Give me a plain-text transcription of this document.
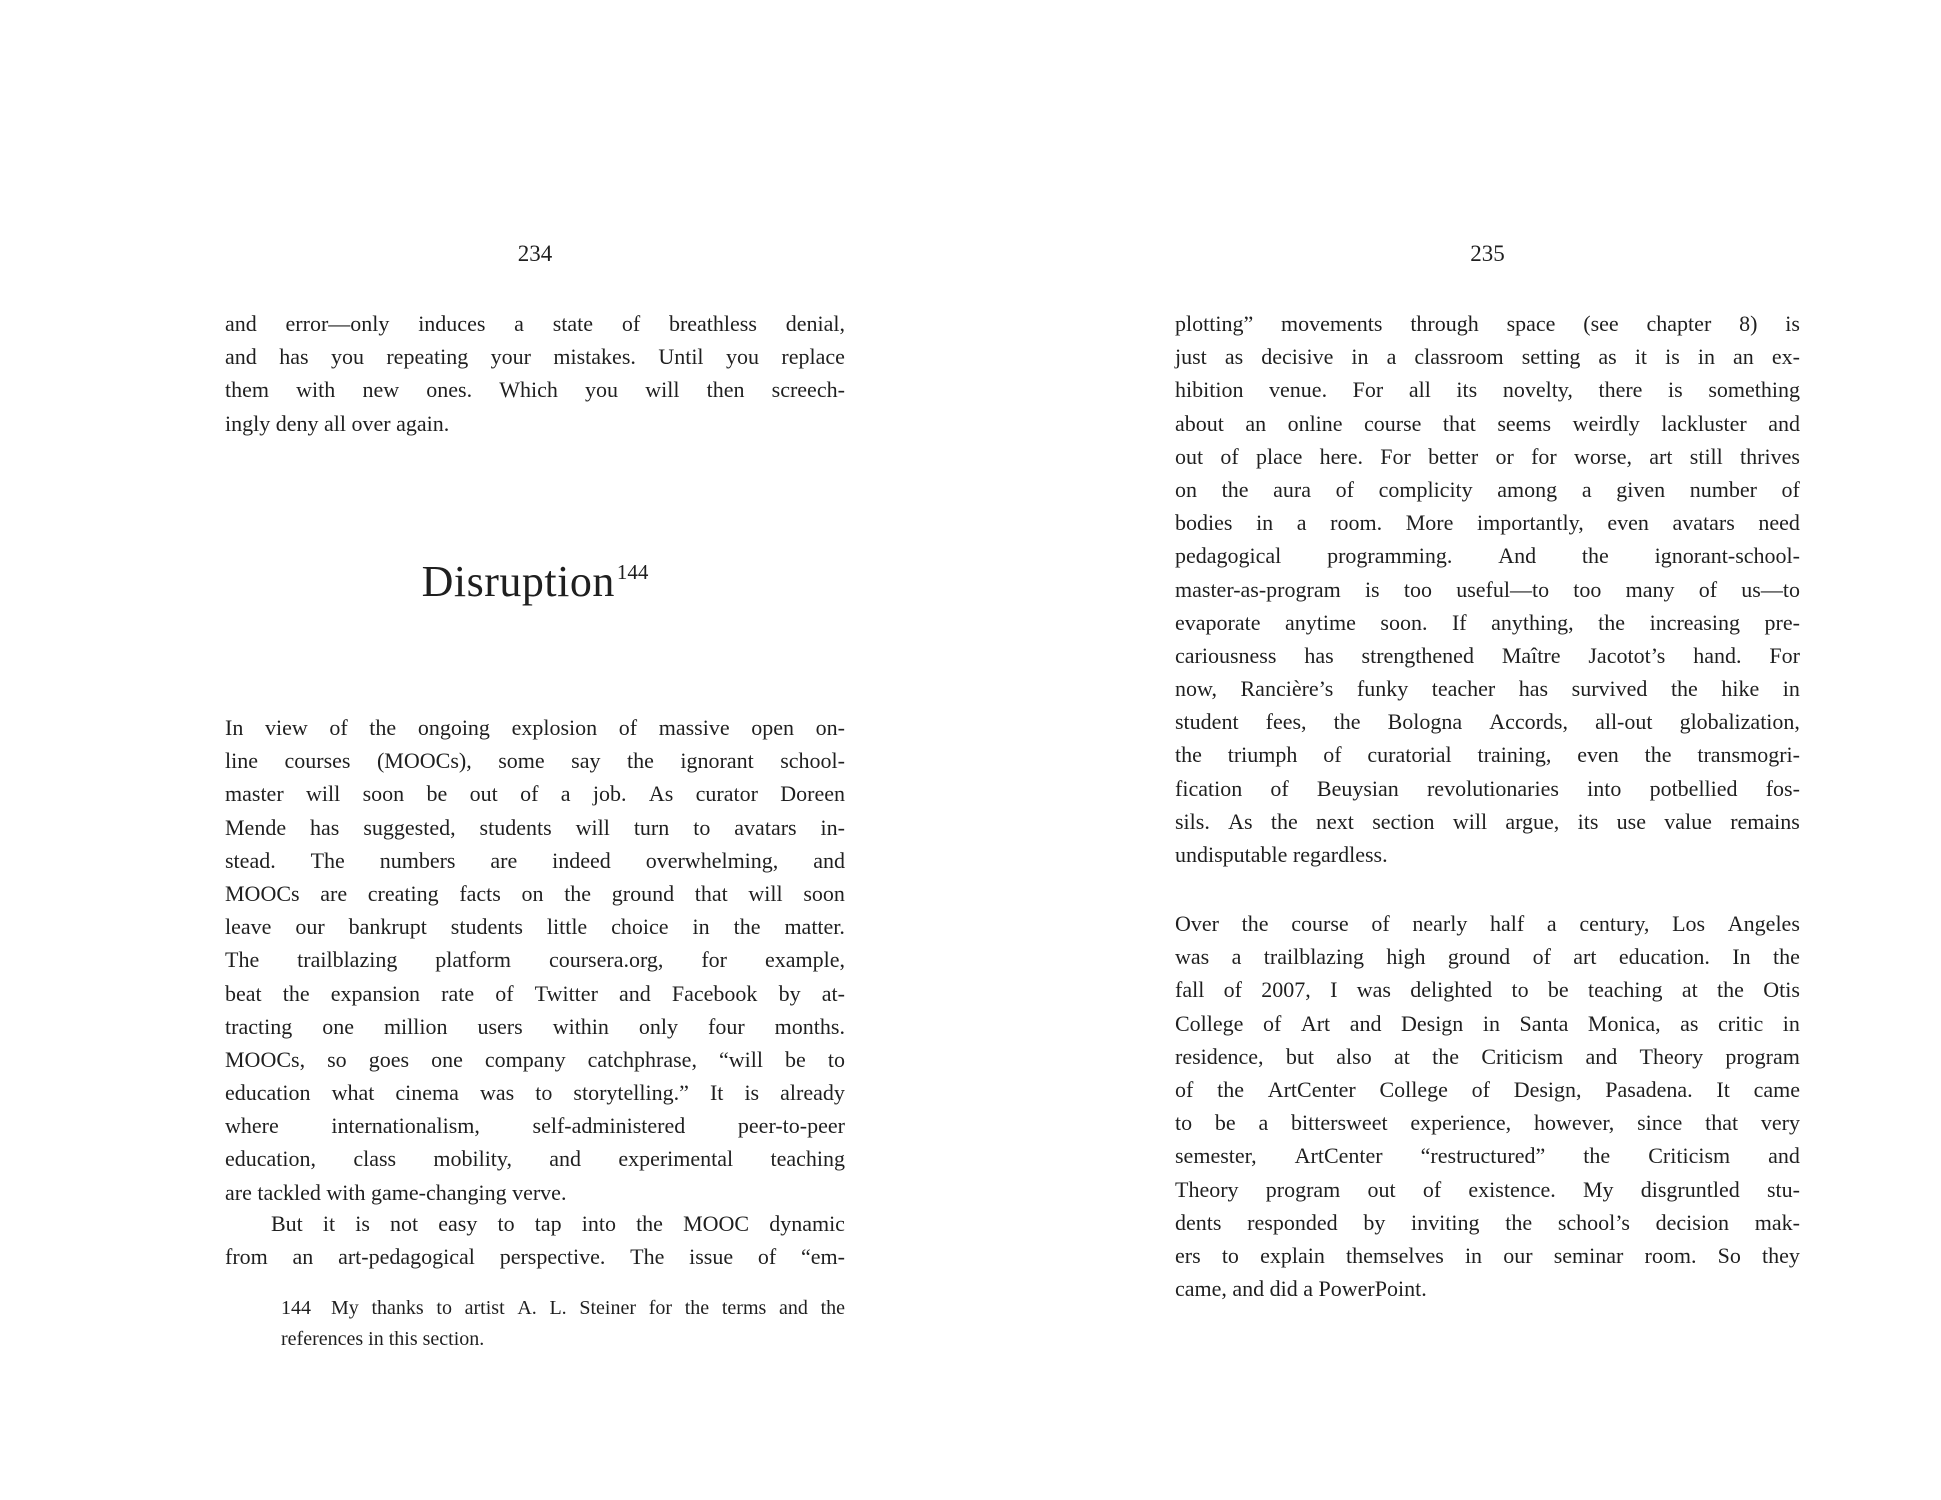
234
and error—only induces a state of breathless denial,
and has you repeating your mistakes. Until you replace
them with new ones. Which you will then screech-
ingly deny all over again.
Disruption$^{144}$
In view of the ongoing explosion of massive open on-
line courses (MOOCs), some say the ignorant school-
master will soon be out of a job. As curator Doreen
Mende has suggested, students will turn to avatars in-
stead. The numbers are indeed overwhelming, and
MOOCs are creating facts on the ground that will soon
leave our bankrupt students little choice in the matter.
The trailblazing platform coursera.org, for example,
beat the expansion rate of Twitter and Facebook by at-
tracting one million users within only four months.
MOOCs, so goes one company catchphrase, “will be to
education what cinema was to storytelling.” It is already
where internationalism, self-administered peer-to-peer
education, class mobility, and experimental teaching
are tackled with game-changing verve.
But it is not easy to tap into the MOOC dynamic
from an art-pedagogical perspective. The issue of “em-
144 My thanks to artist A. L. Steiner for the terms and the
references in this section.
235
plotting” movements through space (see chapter 8) is
just as decisive in a classroom setting as it is in an ex-
hibition venue. For all its novelty, there is something
about an online course that seems weirdly lackluster and
out of place here. For better or for worse, art still thrives
on the aura of complicity among a given number of
bodies in a room. More importantly, even avatars need
pedagogical programming. And the ignorant-school-
master-as-program is too useful—to too many of us—to
evaporate anytime soon. If anything, the increasing pre-
cariousness has strengthened Maître Jacotot’s hand. For
now, Rancière’s funky teacher has survived the hike in
student fees, the Bologna Accords, all-out globalization,
the triumph of curatorial training, even the transmogri-
fication of Beuysian revolutionaries into potbellied fos-
sils. As the next section will argue, its use value remains
undisputable regardless.
Over the course of nearly half a century, Los Angeles
was a trailblazing high ground of art education. In the
fall of 2007, I was delighted to be teaching at the Otis
College of Art and Design in Santa Monica, as critic in
residence, but also at the Criticism and Theory program
of the ArtCenter College of Design, Pasadena. It came
to be a bittersweet experience, however, since that very
semester, ArtCenter “restructured” the Criticism and
Theory program out of existence. My disgruntled stu-
dents responded by inviting the school’s decision mak-
ers to explain themselves in our seminar room. So they
came, and did a PowerPoint.
